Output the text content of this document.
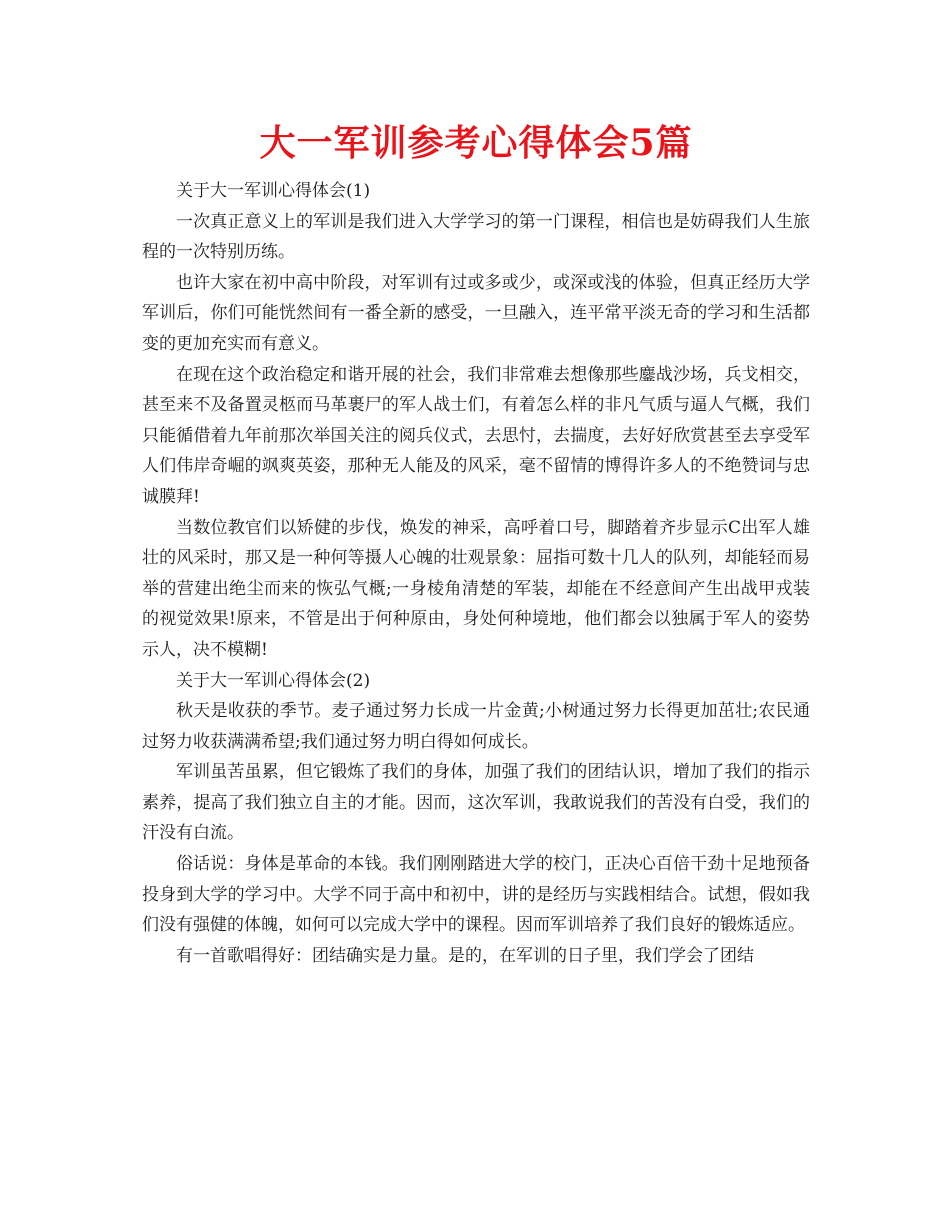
大一军训参考心得体会5篇

关于大一军训心得体会(1)

一次真正意义上的军训是我们进入大学学习的第一门课程，相信也是妨碍我们人生旅程的一次特别历练。

也许大家在初中高中阶段，对军训有过或多或少，或深或浅的体验，但真正经历大学军训后，你们可能恍然间有一番全新的感受，一旦融入，连平常平淡无奇的学习和生活都变的更加充实而有意义。

在现在这个政治稳定和谐开展的社会，我们非常难去想像那些鏖战沙场，兵戈相交，甚至来不及备置灵柩而马革裹尸的军人战士们，有着怎么样的非凡气质与逼人气概，我们只能循借着九年前那次举国关注的阅兵仪式，去思忖，去揣度，去好好欣赏甚至去享受军人们伟岸奇崛的飒爽英姿，那种无人能及的风采，毫不留情的博得许多人的不绝赞词与忠诚膜拜!

当数位教官们以矫健的步伐，焕发的神采，高呼着口号，脚踏着齐步显示C出军人雄壮的风采时，那又是一种何等摄人心魄的壮观景象：屈指可数十几人的队列，却能轻而易举的营建出绝尘而来的恢弘气概;一身棱角清楚的军装，却能在不经意间产生出战甲戎装的视觉效果!原来，不管是出于何种原由，身处何种境地，他们都会以独属于军人的姿势示人，决不模糊!

关于大一军训心得体会(2)

秋天是收获的季节。麦子通过努力长成一片金黄;小树通过努力长得更加茁壮;农民通过努力收获满满希望;我们通过努力明白得如何成长。

军训虽苦虽累，但它锻炼了我们的身体，加强了我们的团结认识，增加了我们的指示素养，提高了我们独立自主的才能。因而，这次军训，我敢说我们的苦没有白受，我们的汗没有白流。

俗话说：身体是革命的本钱。我们刚刚踏进大学的校门，正决心百倍干劲十足地预备投身到大学的学习中。大学不同于高中和初中，讲的是经历与实践相结合。试想，假如我们没有强健的体魄，如何可以完成大学中的课程。因而军训培养了我们良好的锻炼适应。

有一首歌唱得好：团结确实是力量。是的，在军训的日子里，我们学会了团结
